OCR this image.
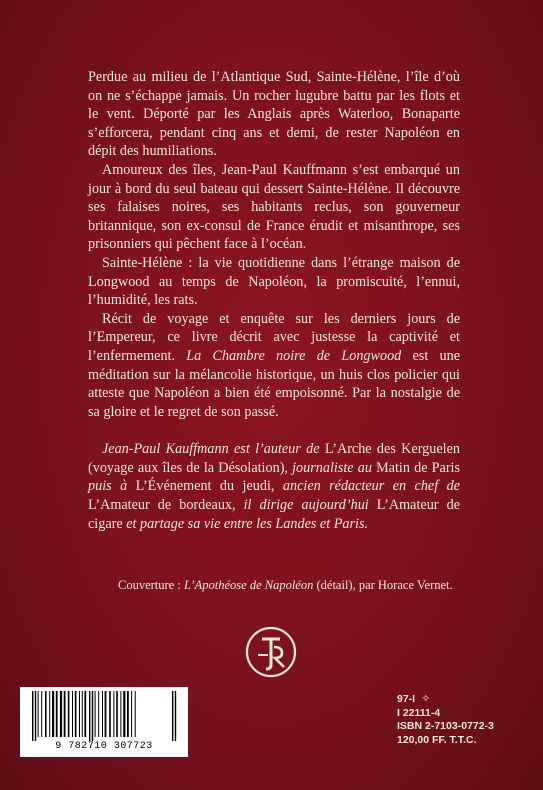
Perdue au milieu de l’Atlantique Sud, Sainte-Hélène, l’île d’où on ne s’échappe jamais. Un rocher lugubre battu par les flots et le vent. Déporté par les Anglais après Waterloo, Bonaparte s’efforcera, pendant cinq ans et demi, de rester Napoléon en dépit des humiliations.

Amoureux des îles, Jean-Paul Kauffmann s’est embarqué un jour à bord du seul bateau qui dessert Sainte-Hélène. Il découvre ses falaises noires, ses habitants reclus, son gouverneur britannique, son ex-consul de France érudit et misanthrope, ses prisonniers qui pêchent face à l’océan.

Sainte-Hélène : la vie quotidienne dans l’étrange maison de Longwood au temps de Napoléon, la promiscuité, l’ennui, l’humidité, les rats.

Récit de voyage et enquête sur les derniers jours de l’Empereur, ce livre décrit avec justesse la captivité et l’enfermement. La Chambre noire de Longwood est une méditation sur la mélancolie historique, un huis clos policier qui atteste que Napoléon a bien été empoisonné. Par la nostalgie de sa gloire et le regret de son passé.

Jean-Paul Kauffmann est l’auteur de L’Arche des Kerguelen (voyage aux îles de la Désolation), journaliste au Matin de Paris puis à L’Événement du jeudi, ancien rédacteur en chef de L’Amateur de bordeaux, il dirige aujourd’hui L’Amateur de cigare et partage sa vie entre les Landes et Paris.

Couverture : L’Apothéose de Napoléon (détail), par Horace Vernet.
9 782710 307723
97-I ✧
I 22111-4
ISBN 2-7103-0772-3
120,00 FF. T.T.C.
